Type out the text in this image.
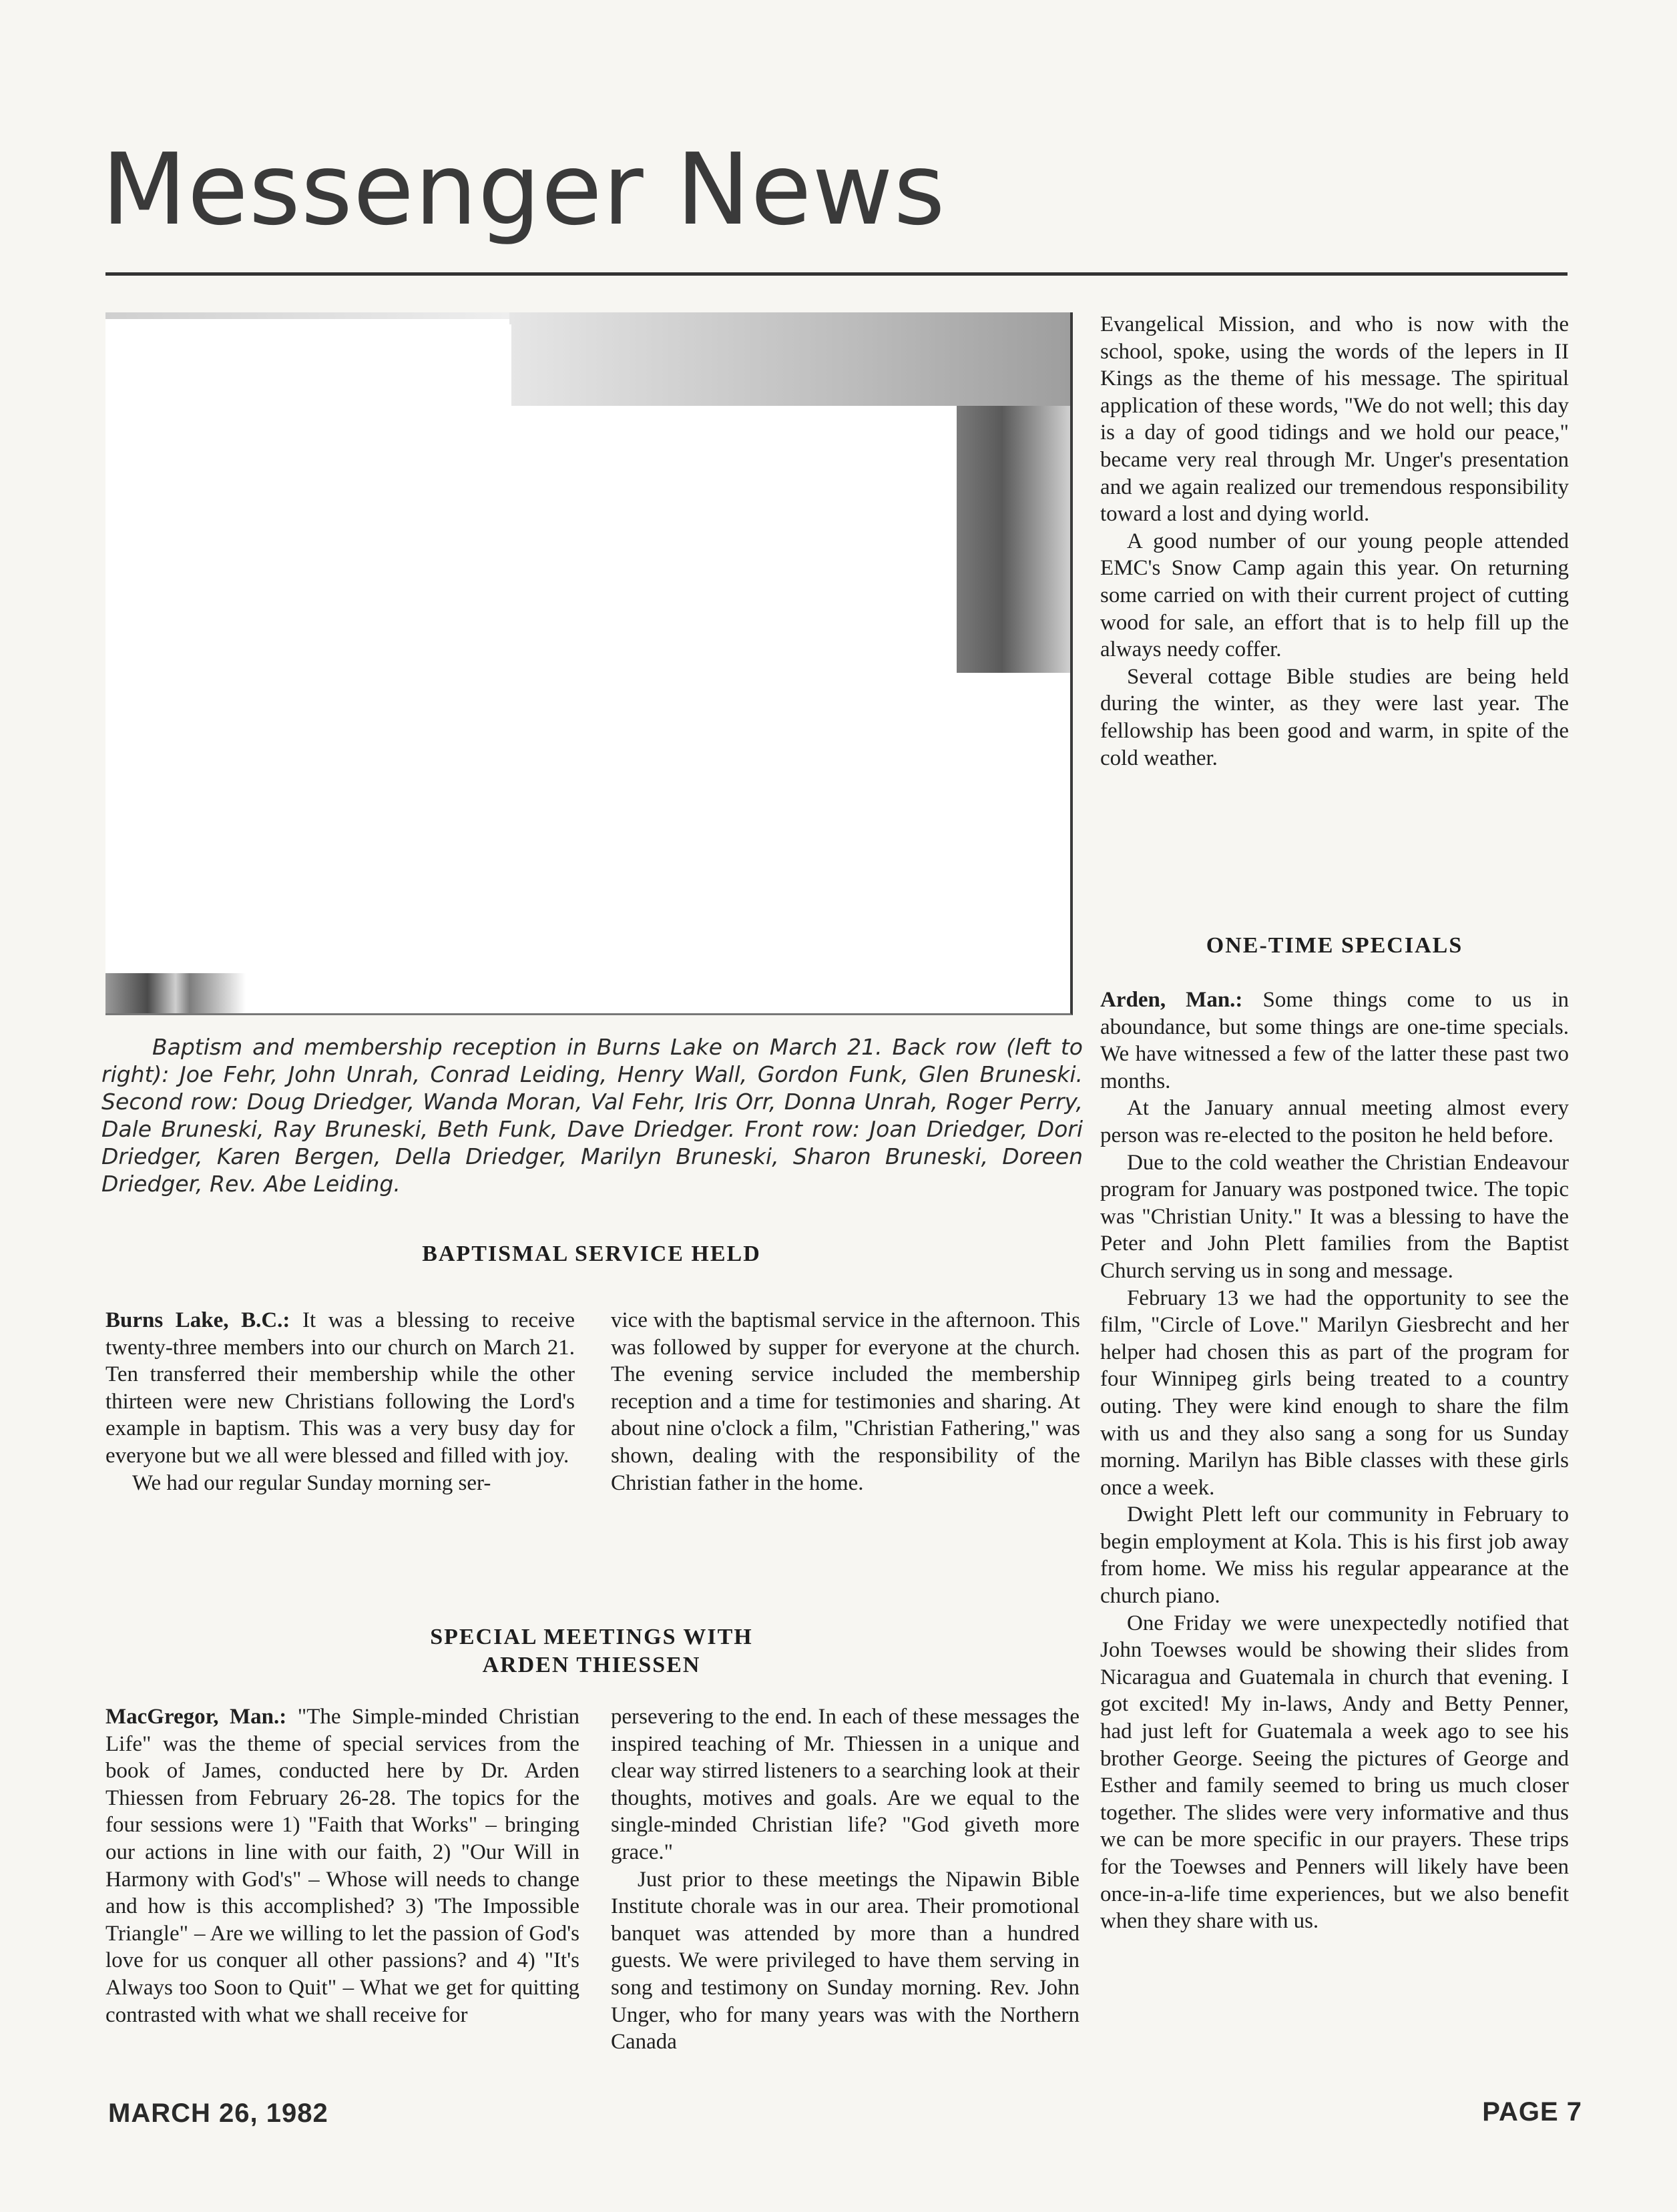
Messenger News

Baptism and membership reception in Burns Lake on March 21. Back row (left to right): Joe Fehr, John Unrah, Conrad Leiding, Henry Wall, Gordon Funk, Glen Bruneski. Second row: Doug Driedger, Wanda Moran, Val Fehr, Iris Orr, Donna Unrah, Roger Perry, Dale Bruneski, Ray Bruneski, Beth Funk, Dave Driedger. Front row: Joan Driedger, Dori Driedger, Karen Bergen, Della Driedger, Marilyn Bruneski, Sharon Bruneski, Doreen Driedger, Rev. Abe Leiding.

BAPTISMAL SERVICE HELD

Burns Lake, B.C.: It was a blessing to receive twenty-three members into our church on March 21. Ten transferred their membership while the other thirteen were new Christians following the Lord's example in baptism. This was a very busy day for everyone but we all were blessed and filled with joy.

We had our regular Sunday morning ser-

vice with the baptismal service in the afternoon. This was followed by supper for everyone at the church. The evening service included the membership reception and a time for testimonies and sharing. At about nine o'clock a film, "Christian Fathering," was shown, dealing with the responsibility of the Christian father in the home.

SPECIAL MEETINGS WITH
ARDEN THIESSEN

MacGregor, Man.: "The Simple-minded Christian Life" was the theme of special services from the book of James, conducted here by Dr. Arden Thiessen from February 26-28. The topics for the four sessions were 1) "Faith that Works" – bringing our actions in line with our faith, 2) "Our Will in Harmony with God's" – Whose will needs to change and how is this accomplished? 3) 'The Impossible Triangle" – Are we willing to let the passion of God's love for us conquer all other passions? and 4) "It's Always too Soon to Quit" – What we get for quitting contrasted with what we shall receive for

persevering to the end. In each of these messages the inspired teaching of Mr. Thiessen in a unique and clear way stirred listeners to a searching look at their thoughts, motives and goals. Are we equal to the single-minded Christian life? "God giveth more grace."

Just prior to these meetings the Nipawin Bible Institute chorale was in our area. Their promotional banquet was attended by more than a hundred guests. We were privileged to have them serving in song and testimony on Sunday morning. Rev. John Unger, who for many years was with the Northern Canada

Evangelical Mission, and who is now with the school, spoke, using the words of the lepers in II Kings as the theme of his message. The spiritual application of these words, "We do not well; this day is a day of good tidings and we hold our peace," became very real through Mr. Unger's presentation and we again realized our tremendous responsibility toward a lost and dying world.

A good number of our young people attended EMC's Snow Camp again this year. On returning some carried on with their current project of cutting wood for sale, an effort that is to help fill up the always needy coffer.

Several cottage Bible studies are being held during the winter, as they were last year. The fellowship has been good and warm, in spite of the cold weather.

ONE-TIME SPECIALS

Arden, Man.: Some things come to us in aboundance, but some things are one-time specials. We have witnessed a few of the latter these past two months.

At the January annual meeting almost every person was re-elected to the positon he held before.

Due to the cold weather the Christian Endeavour program for January was postponed twice. The topic was "Christian Unity." It was a blessing to have the Peter and John Plett families from the Baptist Church serving us in song and message.

February 13 we had the opportunity to see the film, "Circle of Love." Marilyn Giesbrecht and her helper had chosen this as part of the program for four Winnipeg girls being treated to a country outing. They were kind enough to share the film with us and they also sang a song for us Sunday morning. Marilyn has Bible classes with these girls once a week.

Dwight Plett left our community in February to begin employment at Kola. This is his first job away from home. We miss his regular appearance at the church piano.

One Friday we were unexpectedly notified that John Toewses would be showing their slides from Nicaragua and Guatemala in church that evening. I got excited! My in-laws, Andy and Betty Penner, had just left for Guatemala a week ago to see his brother George. Seeing the pictures of George and Esther and family seemed to bring us much closer together. The slides were very informative and thus we can be more specific in our prayers. These trips for the Toewses and Penners will likely have been once-in-a-life time experiences, but we also benefit when they share with us.

MARCH 26, 1982	PAGE 7
